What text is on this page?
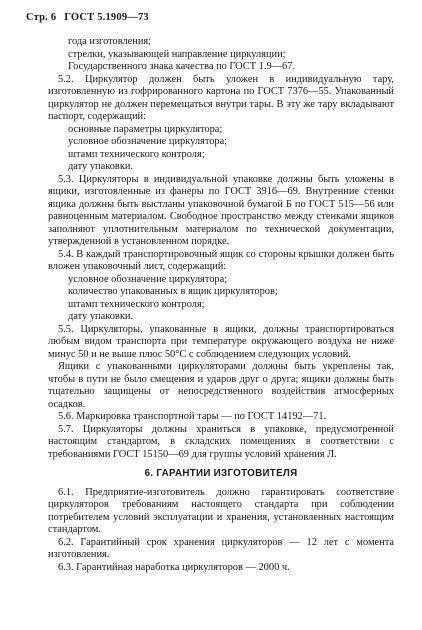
Стр. 6 ГОСТ 5.1909—73

года изготовления;

стрелки, указывающей направление циркуляции;

Государственного знака качества по ГОСТ 1.9—67.

5.2. Циркулятор должен быть уложен в индивидуальную тару, изготовленную из гофрированного картона по ГОСТ 7376—55. Упакованный циркулятор не должен перемещаться внутри тары. В эту же тару вкладывают паспорт, содержащий:

основные параметры циркулятора;

условное обозначение циркулятора;

штамп технического контроля;

дату упаковки.

5.3. Циркуляторы в индивидуальной упаковке должны быть уложены в ящики, изготовленные из фанеры по ГОСТ 3916—69. Внутренние стенки ящика должны быть выстланы упаковочной бумагой Б по ГОСТ 515—56 или равноценным материалом. Свободное пространство между стенками ящиков заполняют уплотнительным материалом по технической документации, утвержденной в установленном порядке.

5.4. В каждый транспортировочный ящик со стороны крышки должен быть вложен упаковочный лист, содержащий:

условное обозначение циркулятора;

количество упакованных в ящик циркуляторов;

штамп технического контроля;

дату упаковки.

5.5. Циркуляторы, упакованные в ящики, должны транспортироваться любым видом транспорта при температуре окружающего воздуха не ниже минус 50 и не выше плюс 50°C с соблюдением следующих условий.

Ящики с упакованными циркуляторами должны быть укреплены так, чтобы в пути не было смещения и ударов друг о друга; ящики должны быть тщательно защищены от непосредственного воздействия атмосферных осадков.

5.6. Маркировка транспортной тары — по ГОСТ 14192—71.

5.7. Циркуляторы должны храниться в упаковке, предусмотренной настоящим стандартом, в складских помещениях в соответствии с требованиями ГОСТ 15150—69 для группы условий хранения Л.

6. ГАРАНТИИ ИЗГОТОВИТЕЛЯ

6.1. Предприятие-изготовитель должно гарантировать соответствие циркуляторов требованиям настоящего стандарта при соблюдении потребителем условий эксплуатации и хранения, установленных настоящим стандартом.

6.2. Гарантийный срок хранения циркуляторов — 12 лет с момента изготовления.

6.3. Гарантийная наработка циркуляторов — 2000 ч.
